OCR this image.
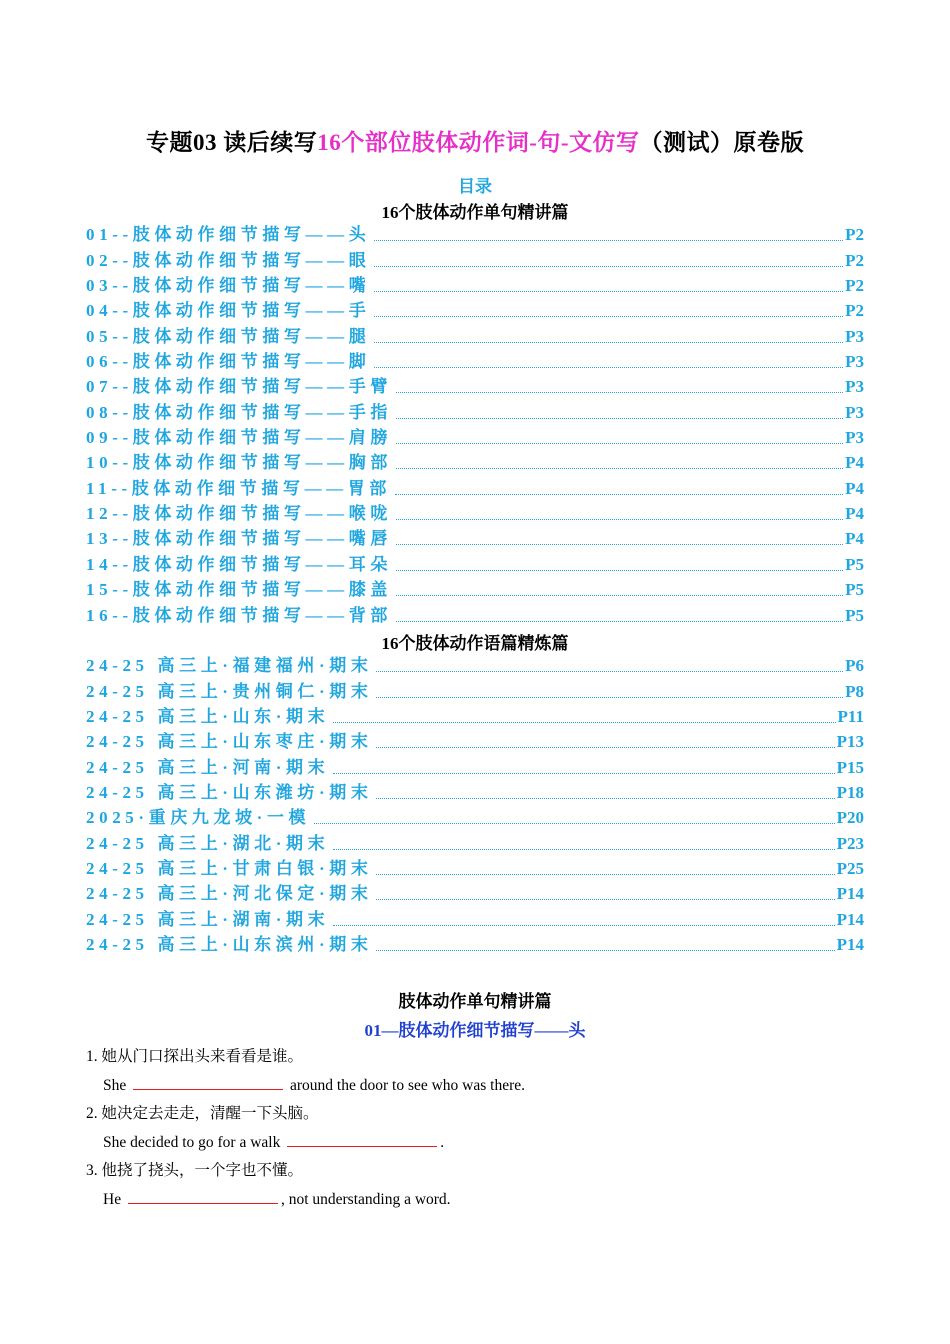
专题03 读后续写16个部位肢体动作词-句-文仿写（测试）原卷版
目录
16个肢体动作单句精讲篇
01--肢体动作细节描写——头	P2
02--肢体动作细节描写——眼	P2
03--肢体动作细节描写——嘴	P2
04--肢体动作细节描写——手	P2
05--肢体动作细节描写——腿	P3
06--肢体动作细节描写——脚	P3
07--肢体动作细节描写——手臂	P3
08--肢体动作细节描写——手指	P3
09--肢体动作细节描写——肩膀	P3
10--肢体动作细节描写——胸部	P4
11--肢体动作细节描写——胃部	P4
12--肢体动作细节描写——喉咙	P4
13--肢体动作细节描写——嘴唇	P4
14--肢体动作细节描写——耳朵	P5
15--肢体动作细节描写——膝盖	P5
16--肢体动作细节描写——背部	P5
16个肢体动作语篇精炼篇
24-25 高三上·福建福州·期末	P6
24-25 高三上·贵州铜仁·期末	P8
24-25 高三上·山东·期末	P11
24-25 高三上·山东枣庄·期末	P13
24-25 高三上·河南·期末	P15
24-25 高三上·山东潍坊·期末	P18
2025·重庆九龙坡·一模	P20
24-25 高三上·湖北·期末	P23
24-25 高三上·甘肃白银·期末	P25
24-25 高三上·河北保定·期末	P14
24-25 高三上·湖南·期末	P14
24-25 高三上·山东滨州·期末	P14
肢体动作单句精讲篇
01—肢体动作细节描写——头
1. 她从门口探出头来看看是谁。
She	around the door to see who was there.
2. 她决定去走走，清醒一下头脑。
She decided to go for a walk	.
3. 他挠了挠头，一个字也不懂。
He	, not understanding a word.
